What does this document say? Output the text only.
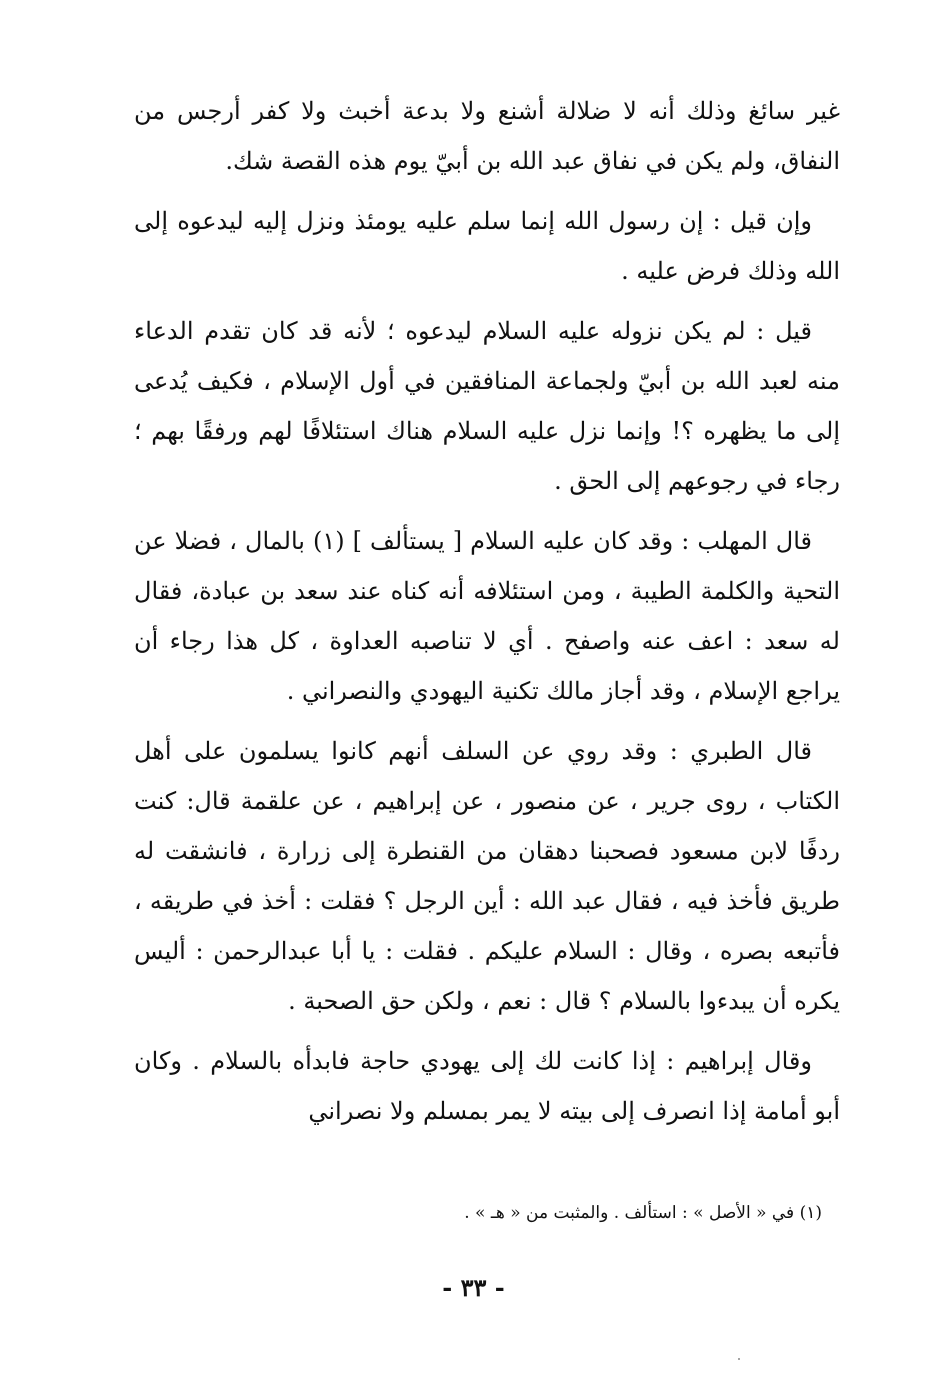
غير سائغ وذلك أنه لا ضلالة أشنع ولا بدعة أخبث ولا كفر أرجس من النفاق، ولم يكن في نفاق عبد الله بن أبيّ يوم هذه القصة شك.

وإن قيل : إن رسول الله إنما سلم عليه يومئذ ونزل إليه ليدعوه إلى الله وذلك فرض عليه .

قيل : لم يكن نزوله عليه السلام ليدعوه ؛ لأنه قد كان تقدم الدعاء منه لعبد الله بن أبيّ ولجماعة المنافقين في أول الإسلام ، فكيف يُدعى إلى ما يظهره ؟! وإنما نزل عليه السلام هناك استئلافًا لهم ورفقًا بهم ؛ رجاء في رجوعهم إلى الحق .

قال المهلب : وقد كان عليه السلام [ يستألف ] (١) بالمال ، فضلا عن التحية والكلمة الطيبة ، ومن استئلافه أنه كناه عند سعد بن عبادة، فقال له سعد : اعف عنه واصفح . أي لا تناصبه العداوة ، كل هذا رجاء أن يراجع الإسلام ، وقد أجاز مالك تكنية اليهودي والنصراني .

قال الطبري : وقد روي عن السلف أنهم كانوا يسلمون على أهل الكتاب ، روى جرير ، عن منصور ، عن إبراهيم ، عن علقمة قال: كنت ردفًا لابن مسعود فصحبنا دهقان من القنطرة إلى زرارة ، فانشقت له طريق فأخذ فيه ، فقال عبد الله : أين الرجل ؟ فقلت : أخذ في طريقه ، فأتبعه بصره ، وقال : السلام عليكم . فقلت : يا أبا عبدالرحمن : أليس يكره أن يبدءوا بالسلام ؟ قال : نعم ، ولكن حق الصحبة .

وقال إبراهيم : إذا كانت لك إلى يهودي حاجة فابدأه بالسلام . وكان أبو أمامة إذا انصرف إلى بيته لا يمر بمسلم ولا نصراني

(١) في « الأصل » : استألف . والمثبت من « هـ » .
- ٣٣ -
